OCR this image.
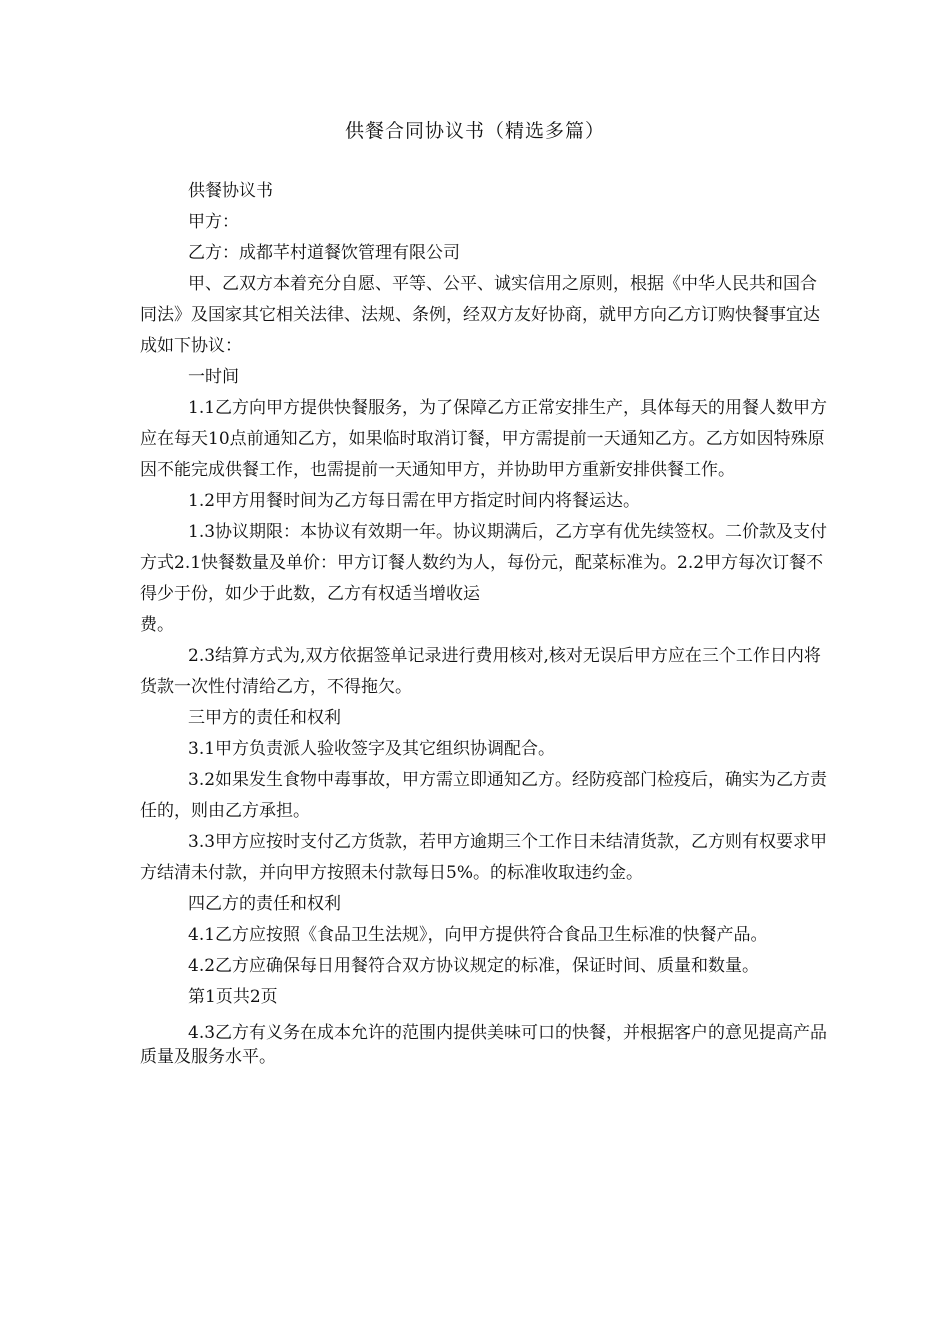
供餐合同协议书（精选多篇）

供餐协议书

甲方：

乙方：成都芊村道餐饮管理有限公司

甲、乙双方本着充分自愿、平等、公平、诚实信用之原则，根据《中华人民共和国合同法》及国家其它相关法律、法规、条例，经双方友好协商，就甲方向乙方订购快餐事宜达成如下协议：

一时间

1.1乙方向甲方提供快餐服务，为了保障乙方正常安排生产，具体每天的用餐人数甲方应在每天10点前通知乙方，如果临时取消订餐，甲方需提前一天通知乙方。乙方如因特殊原因不能完成供餐工作，也需提前一天通知甲方，并协助甲方重新安排供餐工作。

1.2甲方用餐时间为乙方每日需在甲方指定时间内将餐运达。

1.3协议期限：本协议有效期一年。协议期满后，乙方享有优先续签权。二价款及支付方式2.1快餐数量及单价：甲方订餐人数约为人，每份元，配菜标准为。2.2甲方每次订餐不得少于份，如少于此数，乙方有权适当增收运

费。

2.3结算方式为,双方依据签单记录进行费用核对,核对无误后甲方应在三个工作日内将货款一次性付清给乙方，不得拖欠。

三甲方的责任和权利

3.1甲方负责派人验收签字及其它组织协调配合。

3.2如果发生食物中毒事故，甲方需立即通知乙方。经防疫部门检疫后，确实为乙方责任的，则由乙方承担。

3.3甲方应按时支付乙方货款，若甲方逾期三个工作日未结清货款，乙方则有权要求甲方结清未付款，并向甲方按照未付款每日5%。的标准收取违约金。

四乙方的责任和权利

4.1乙方应按照《食品卫生法规》，向甲方提供符合食品卫生标准的快餐产品。

4.2乙方应确保每日用餐符合双方协议规定的标准，保证时间、质量和数量。

第1页共2页

4.3乙方有义务在成本允许的范围内提供美味可口的快餐，并根据客户的意见提高产品质量及服务水平。
